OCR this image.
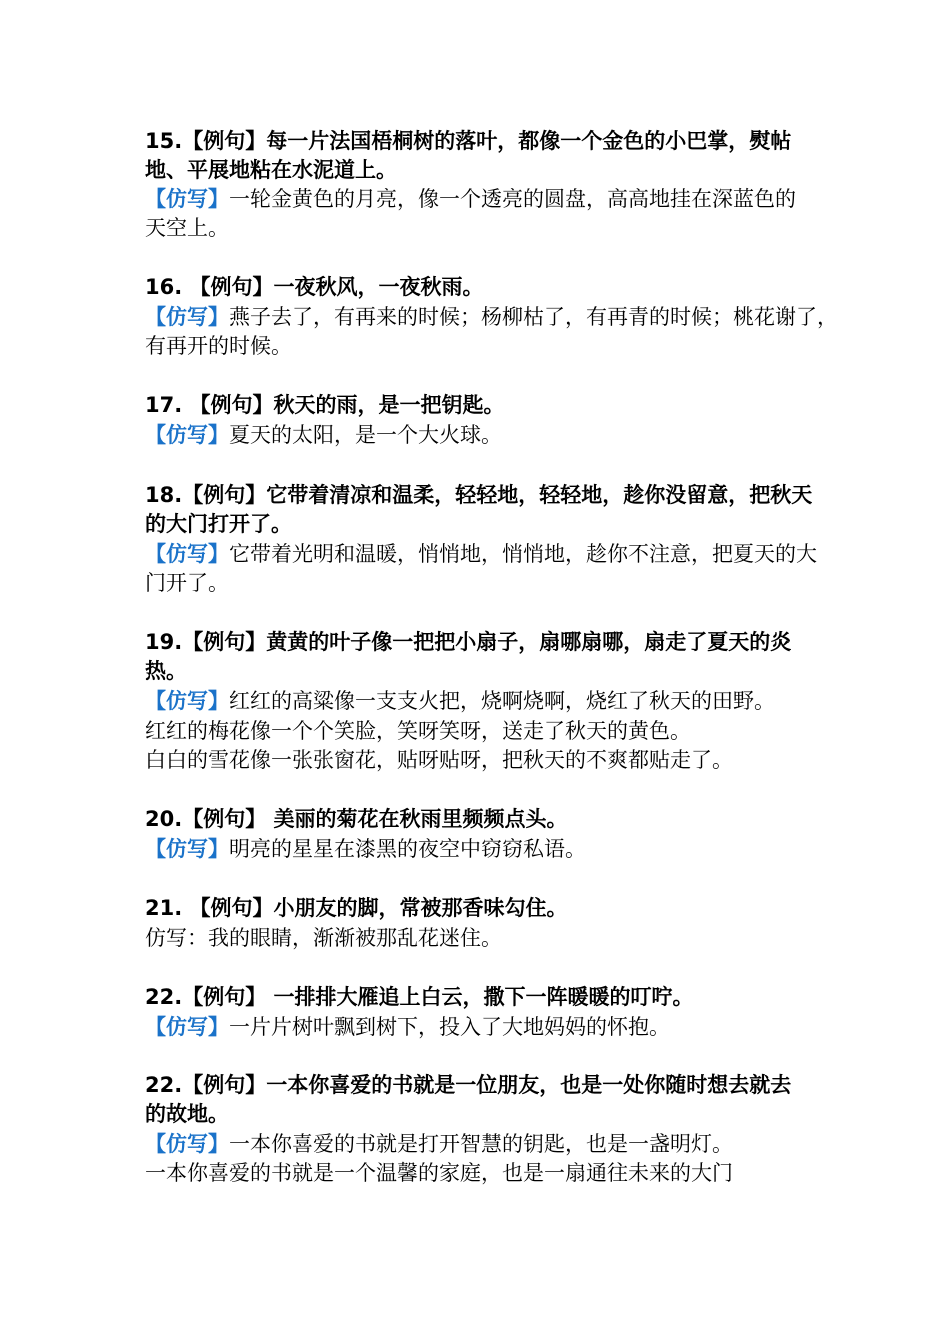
15.【例句】每一片法国梧桐树的落叶，都像一个金色的小巴掌，熨帖
地、平展地粘在水泥道上。
【仿写】一轮金黄色的月亮，像一个透亮的圆盘，高高地挂在深蓝色的
天空上。
16. 【例句】一夜秋风，一夜秋雨。
【仿写】燕子去了，有再来的时候；杨柳枯了，有再青的时候；桃花谢了，
有再开的时候。
17. 【例句】秋天的雨，是一把钥匙。
【仿写】夏天的太阳，是一个大火球。
18.【例句】它带着清凉和温柔，轻轻地，轻轻地，趁你没留意，把秋天
的大门打开了。
【仿写】它带着光明和温暖，悄悄地，悄悄地，趁你不注意，把夏天的大
门开了。
19.【例句】黄黄的叶子像一把把小扇子，扇哪扇哪，扇走了夏天的炎
热。
【仿写】红红的高粱像一支支火把，烧啊烧啊，烧红了秋天的田野。
红红的梅花像一个个笑脸，笑呀笑呀，送走了秋天的黄色。
白白的雪花像一张张窗花，贴呀贴呀，把秋天的不爽都贴走了。
20.【例句】 美丽的菊花在秋雨里频频点头。
【仿写】明亮的星星在漆黑的夜空中窃窃私语。
21. 【例句】小朋友的脚，常被那香味勾住。
仿写：我的眼睛，渐渐被那乱花迷住。
22.【例句】 一排排大雁追上白云，撒下一阵暖暖的叮咛。
【仿写】一片片树叶飘到树下，投入了大地妈妈的怀抱。
22.【例句】一本你喜爱的书就是一位朋友，也是一处你随时想去就去
的故地。
【仿写】一本你喜爱的书就是打开智慧的钥匙，也是一盏明灯。
一本你喜爱的书就是一个温馨的家庭，也是一扇通往未来的大门
